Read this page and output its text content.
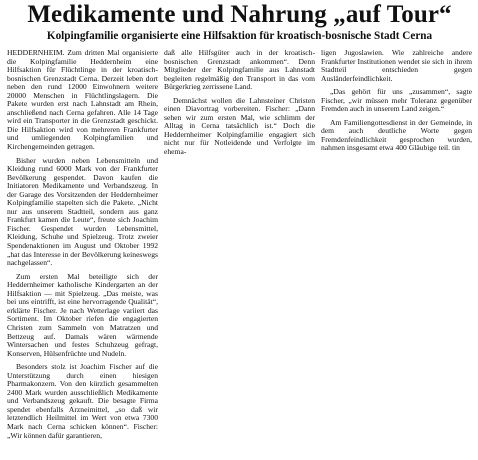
Medikamente und Nahrung „auf Tour“
Kolpingfamilie organisierte eine Hilfsaktion für kroatisch-bosnische Stadt Cerna

HEDDERNHEIM. Zum dritten Mal organisierte die Kolpingfamilie Heddernheim eine Hilfsaktion für Flüchtlinge in der kroatisch-bosnischen Grenzstadt Cerna. Derzeit leben dort neben den rund 12000 Einwohnern weitere 20000 Menschen in Flüchtlingslagern. Die Pakete wurden erst nach Lahnstadt am Rhein, anschließend nach Cerna gefahren. Alle 14 Tage wird ein Transporter in die Grenzstadt geschickt. Die Hilfsaktion wird von mehreren Frankfurter und umliegenden Kolpingfamilien und Kirchengemeinden getragen.

Bisher wurden neben Lebensmitteln und Kleidung rund 6000 Mark von der Frankfurter Bevölkerung gespendet. Davon kaufen die Initiatoren Medikamente und Verbandszeug. In der Garage des Vorsitzenden der Heddernheimer Kolpingfamilie stapelten sich die Pakete. „Nicht nur aus unserem Stadtteil, sondern aus ganz Frankfurt kamen die Leute“, freute sich Joachim Fischer. Gespendet wurden Lebensmittel, Kleidung, Schuhe und Spielzeug. Trotz zweier Spendenaktionen im August und Oktober 1992 „hat das Interesse in der Bevölkerung keineswegs nachgelassen“.

Zum ersten Mal beteiligte sich der Heddernheimer katholische Kindergarten an der Hilfsaktion — mit Spielzeug. „Das meiste, was bei uns eintrifft, ist eine hervorragende Qualität“, erklärte Fischer. Je nach Wetterlage variiert das Sortiment. Im Oktober riefen die engagierten Christen zum Sammeln von Matratzen und Bettzeug auf. Damals wären wärmende Wintersachen und festes Schuhzeug gefragt, Konserven, Hülsenfrüchte und Nudeln.

Besonders stolz ist Joachim Fischer auf die Unterstützung durch einen hiesigen Pharmakonzern. Von den kürzlich gesammelten 2400 Mark wurden ausschließlich Medikamente und Verbandszeug gekauft. Die besagte Firma spendet ebenfalls Arzneimittel, „so daß wir letztendlich Heilmittel im Wert von etwa 7300 Mark nach Cerna schicken können“. Fischer: „Wir können dafür garantieren,

daß alle Hilfsgüter auch in der kroatisch-bosnischen Grenzstadt ankommen“. Denn Mitglieder der Kolpingfamilie aus Lahnstadt begleiten regelmäßig den Transport in das vom Bürgerkrieg zerrissene Land.

Demnächst wollen die Lahnsteiner Christen einen Diavortrag vorbereiten. Fischer: „Dann sehen wir zum ersten Mal, wie schlimm der Alltag in Cerna tatsächlich ist.“ Doch die Heddernheimer Kolpingfamilie engagiert sich nicht nur für Notleidende und Verfolgte im ehema-

ligen Jugoslawien. Wie zahlreiche andere Frankfurter Institutionen wendet sie sich in ihrem Stadtteil entschieden gegen Ausländerfeindlichkeit.

„Das gehört für uns „zusammen“, sagte Fischer, „wir müssen mehr Toleranz gegenüber Fremden auch in unserem Land zeigen.“

Am Familiengottesdienst in der Gemeinde, in dem auch deutliche Worte gegen Fremdenfeindlichkeit gesprochen wurden, nahmen insgesamt etwa 400 Gläubige teil. tin
